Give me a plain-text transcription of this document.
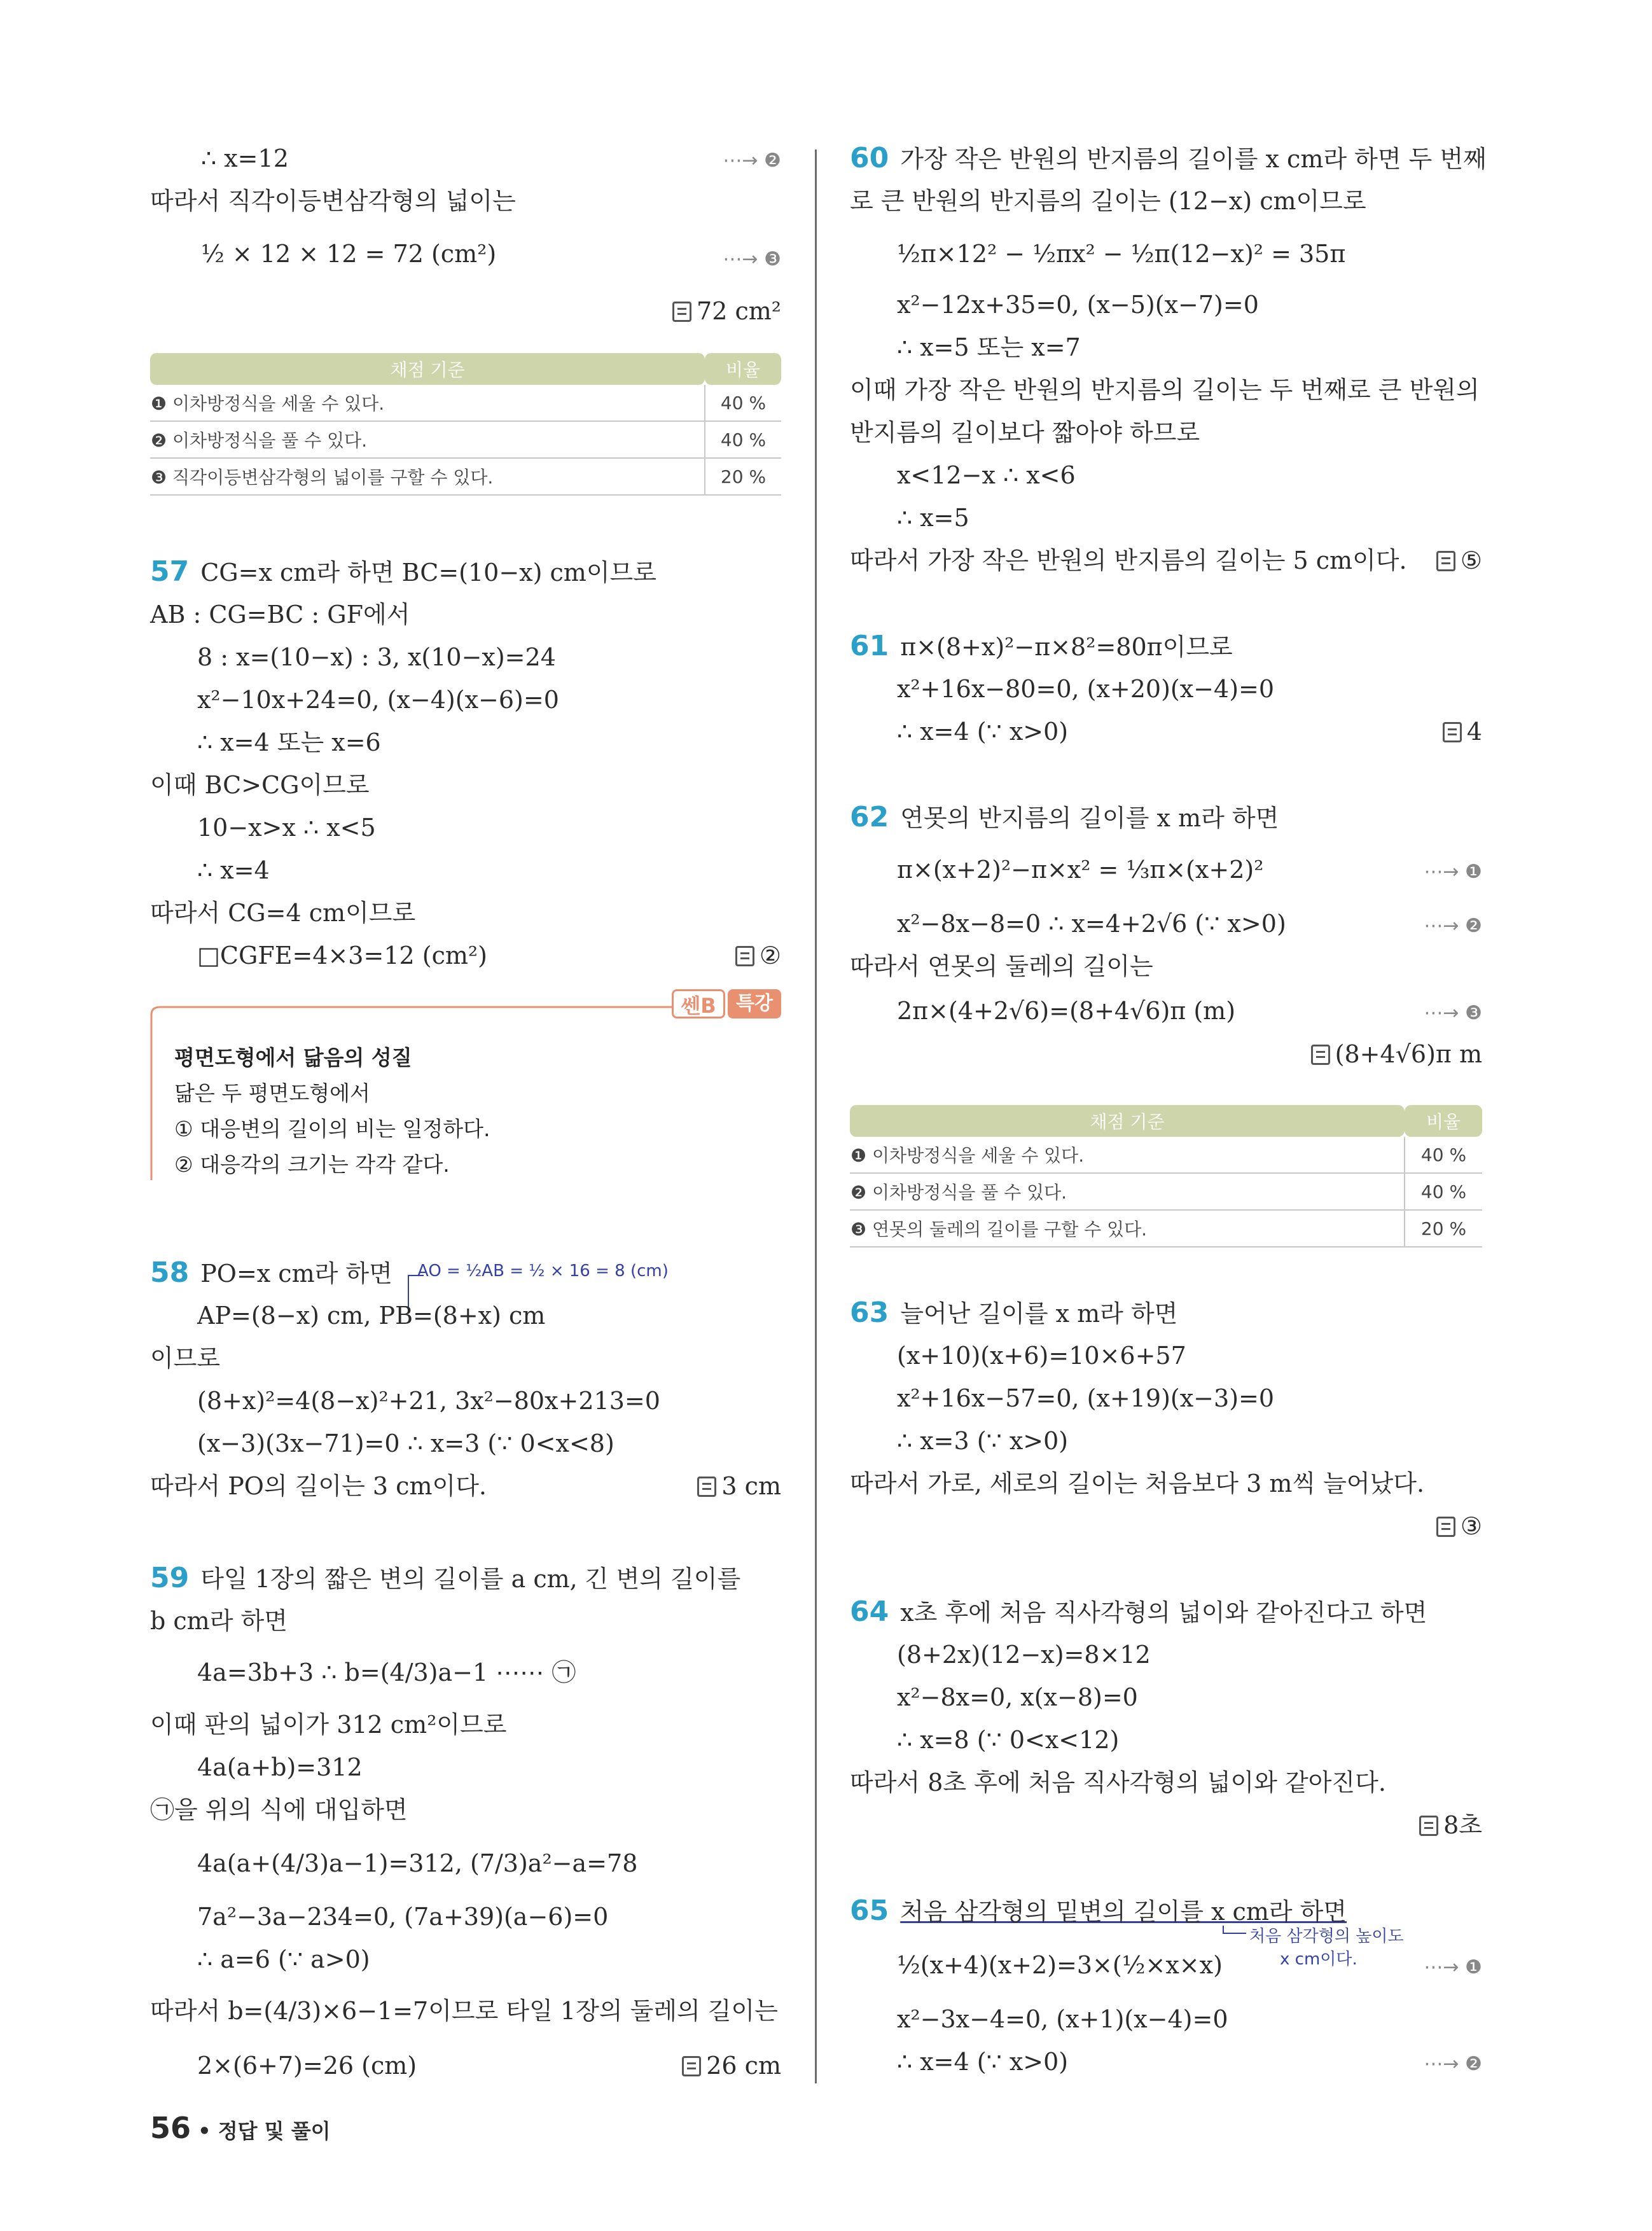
∴ x=12	⋯→ ❷
따라서 직각이등변삼각형의 넓이는
½ × 12 × 12 = 72 (cm²)	⋯→ ❸
72 cm²
채점 기준	비율
❶ 이차방정식을 세울 수 있다.	40 %
❷ 이차방정식을 풀 수 있다.	40 %
❸ 직각이등변삼각형의 넓이를 구할 수 있다.	20 %
57 CG=x cm라 하면 BC=(10−x) cm이므로
AB : CG=BC : GF에서
8 : x=(10−x) : 3, x(10−x)=24
x²−10x+24=0, (x−4)(x−6)=0
∴ x=4 또는 x=6
이때 BC>CG이므로
10−x>x ∴ x<5
∴ x=4
따라서 CG=4 cm이므로
□CGFE=4×3=12 (cm²)	②
쎈B	특강
평면도형에서 닮음의 성질
닮은 두 평면도형에서
① 대응변의 길이의 비는 일정하다.
② 대응각의 크기는 각각 같다.
58 PO=x cm라 하면 AO = ½AB = ½ × 16 = 8 (cm)
AP=(8−x) cm, PB=(8+x) cm
이므로
(8+x)²=4(8−x)²+21, 3x²−80x+213=0
(x−3)(3x−71)=0 ∴ x=3 (∵ 0<x<8)
따라서 PO의 길이는 3 cm이다.	3 cm
59 타일 1장의 짧은 변의 길이를 a cm, 긴 변의 길이를
b cm라 하면
4a=3b+3 ∴ b=(4/3)a−1 ⋯⋯ ㉠
이때 판의 넓이가 312 cm²이므로
4a(a+b)=312
㉠을 위의 식에 대입하면
4a(a+(4/3)a−1)=312, (7/3)a²−a=78
7a²−3a−234=0, (7a+39)(a−6)=0
∴ a=6 (∵ a>0)
따라서 b=(4/3)×6−1=7이므로 타일 1장의 둘레의 길이는
2×(6+7)=26 (cm)	26 cm
60 가장 작은 반원의 반지름의 길이를 x cm라 하면 두 번째
로 큰 반원의 반지름의 길이는 (12−x) cm이므로
½π×12² − ½πx² − ½π(12−x)² = 35π
x²−12x+35=0, (x−5)(x−7)=0
∴ x=5 또는 x=7
이때 가장 작은 반원의 반지름의 길이는 두 번째로 큰 반원의
반지름의 길이보다 짧아야 하므로
x<12−x ∴ x<6
∴ x=5
따라서 가장 작은 반원의 반지름의 길이는 5 cm이다.	⑤
61 π×(8+x)²−π×8²=80π이므로
x²+16x−80=0, (x+20)(x−4)=0
∴ x=4 (∵ x>0)	4
62 연못의 반지름의 길이를 x m라 하면
π×(x+2)²−π×x² = ⅓π×(x+2)²	⋯→ ❶
x²−8x−8=0 ∴ x=4+2√6 (∵ x>0)	⋯→ ❷
따라서 연못의 둘레의 길이는
2π×(4+2√6)=(8+4√6)π (m)	⋯→ ❸
(8+4√6)π m
채점 기준	비율
❶ 이차방정식을 세울 수 있다.	40 %
❷ 이차방정식을 풀 수 있다.	40 %
❸ 연못의 둘레의 길이를 구할 수 있다.	20 %
63 늘어난 길이를 x m라 하면
(x+10)(x+6)=10×6+57
x²+16x−57=0, (x+19)(x−3)=0
∴ x=3 (∵ x>0)
따라서 가로, 세로의 길이는 처음보다 3 m씩 늘어났다.
③
64 x초 후에 처음 직사각형의 넓이와 같아진다고 하면
(8+2x)(12−x)=8×12
x²−8x=0, x(x−8)=0
∴ x=8 (∵ 0<x<12)
따라서 8초 후에 처음 직사각형의 넓이와 같아진다.
8초
65 처음 삼각형의 밑변의 길이를 x cm라 하면
처음 삼각형의 높이도
x cm이다.
½(x+4)(x+2)=3×(½×x×x)	⋯→ ❶
x²−3x−4=0, (x+1)(x−4)=0
∴ x=4 (∵ x>0)	⋯→ ❷
56 • 정답 및 풀이
